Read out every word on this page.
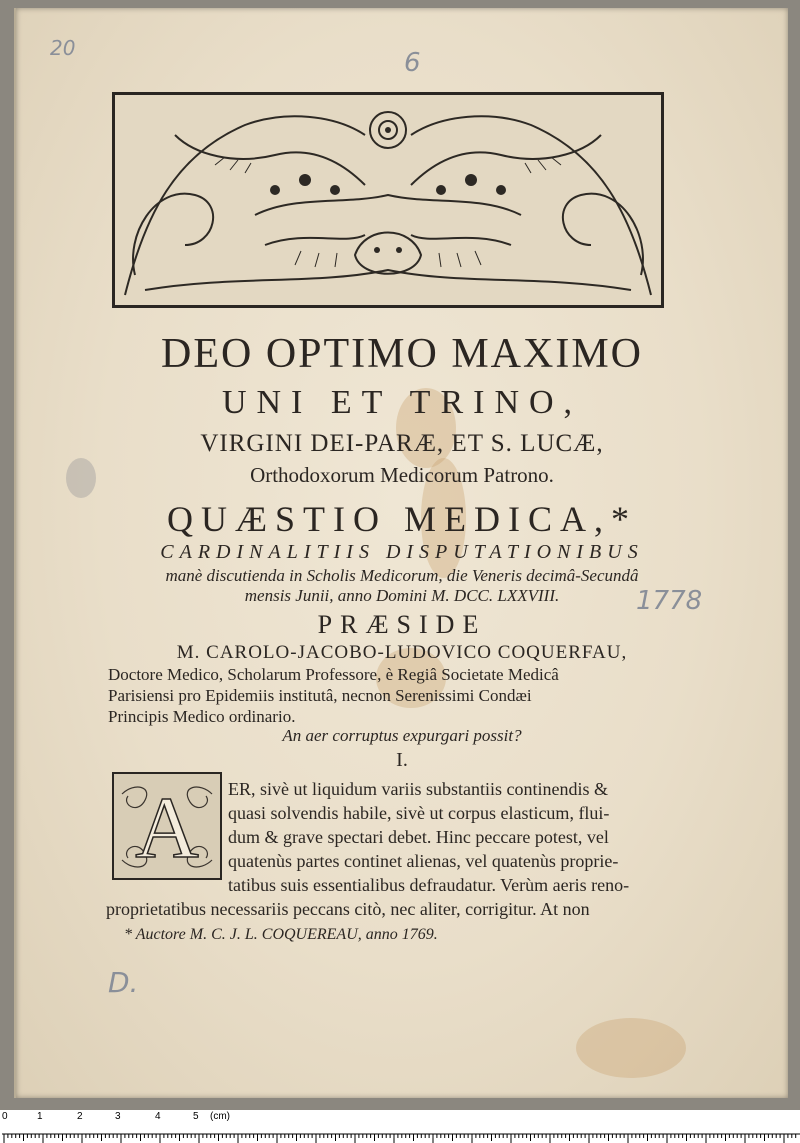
20	6
1778
D.
DEO OPTIMO MAXIMO
UNI ET TRINO,
VIRGINI DEI-PARÆ, ET S. LUCÆ,
Orthodoxorum Medicorum Patrono.
QUÆSTIO MEDICA,*
CARDINALITIIS DISPUTATIONIBUS
manè discutienda in Scholis Medicorum, die Veneris decimâ-Secundâ
mensis Junii, anno Domini M. DCC. LXXVIII.
PRÆSIDE
M. CAROLO-JACOBO-LUDOVICO COQUERFAU,
Doctore Medico, Scholarum Professore, è Regiâ Societate Medicâ
Parisiensi pro Epidemiis institutâ, necnon Serenissimi Condæi
Principis Medico ordinario.
An aer corruptus expurgari possit?
I.
A	ER, sivè ut liquidum variis substantiis continendis &
quasi solvendis habile, sivè ut corpus elasticum, flui-
dum & grave spectari debet. Hinc peccare potest, vel
quatenùs partes continet alienas, vel quatenùs proprie-
tatibus suis essentialibus defraudatur. Verùm aeris reno-
proprietatibus necessariis peccans citò, nec aliter, corrigitur. At non
* Auctore M. C. J. L. COQUEREAU, anno 1769.
0	1	2	3	4	5 (cm)
